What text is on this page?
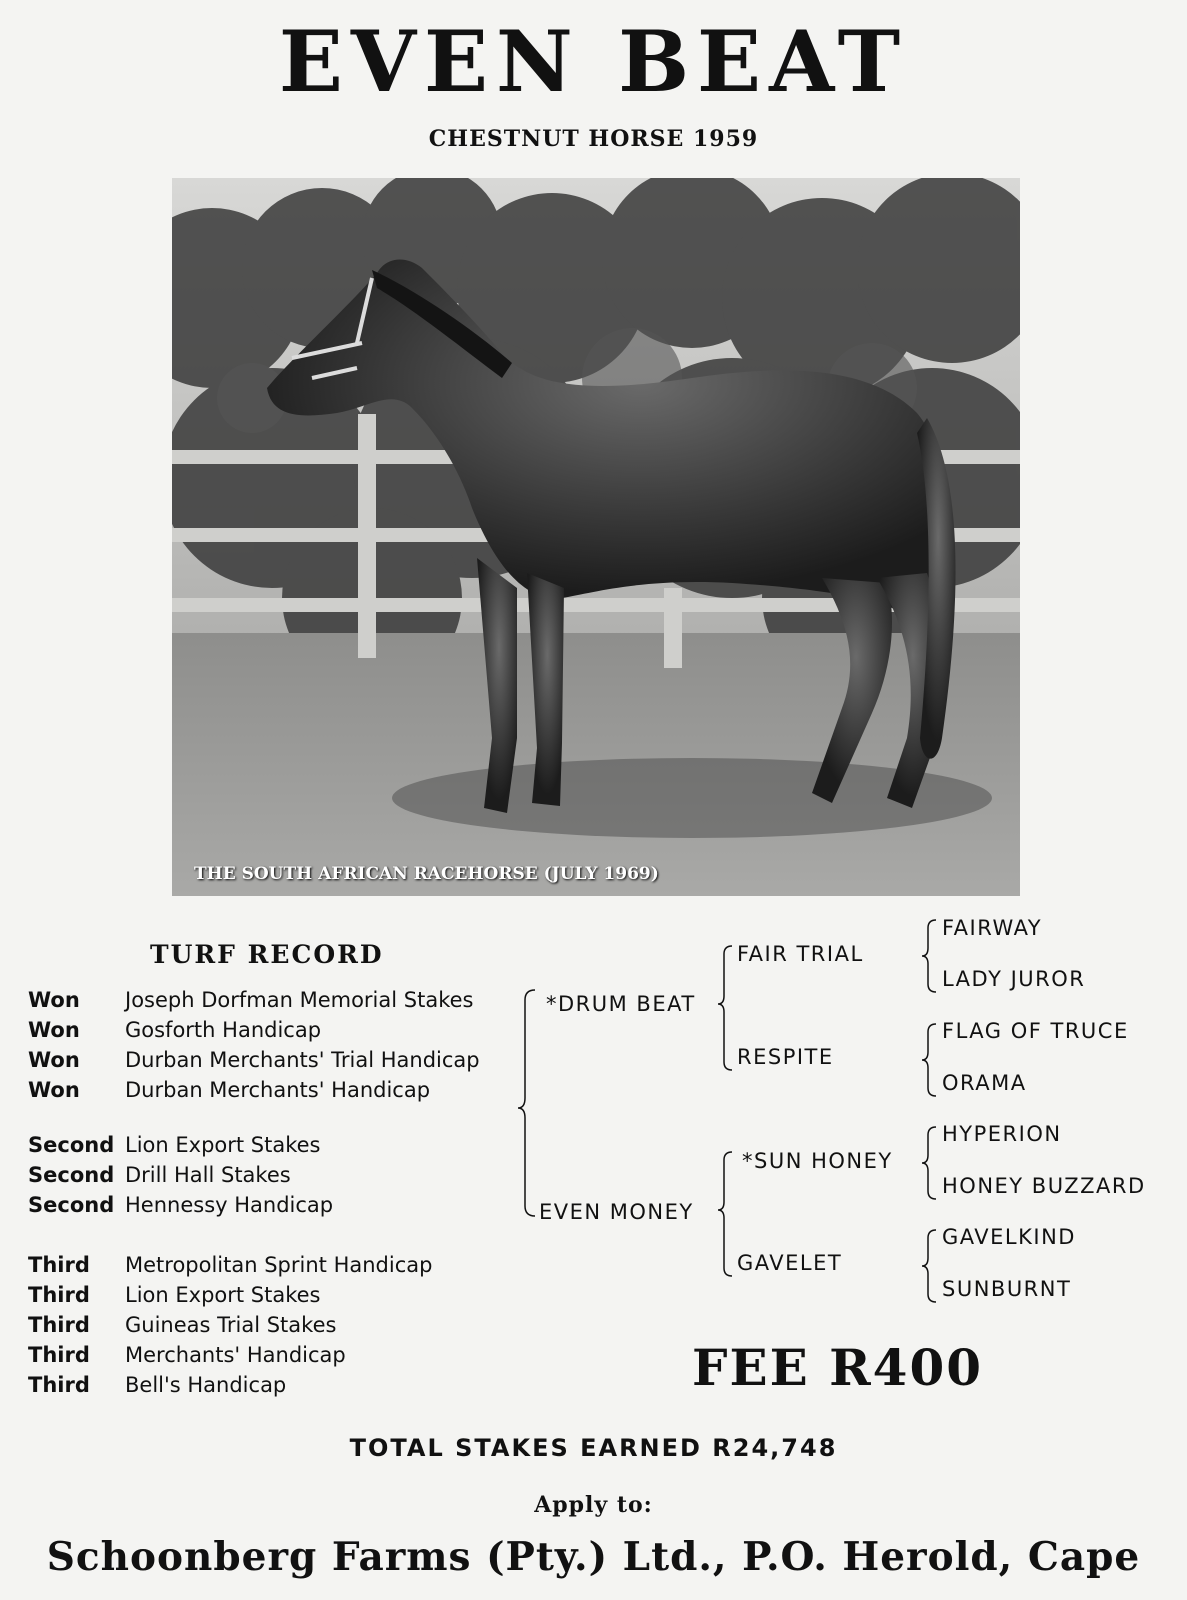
EVEN BEAT
CHESTNUT HORSE 1959
THE SOUTH AFRICAN RACEHORSE (JULY 1969)
TURF RECORD
Won	Joseph Dorfman Memorial Stakes
Won	Gosforth Handicap
Won	Durban Merchants' Trial Handicap
Won	Durban Merchants' Handicap
Second Lion Export Stakes
Second Drill Hall Stakes
Second Hennessy Handicap
Third	Metropolitan Sprint Handicap
Third	Lion Export Stakes
Third	Guineas Trial Stakes
Third	Merchants' Handicap
Third	Bell's Handicap
*DRUM BEAT
EVEN MONEY
FAIR TRIAL
RESPITE
*SUN HONEY
GAVELET
FAIRWAY
LADY JUROR
FLAG OF TRUCE
ORAMA
HYPERION
HONEY BUZZARD
GAVELKIND
SUNBURNT
FEE R400
TOTAL STAKES EARNED R24,748
Apply to:
Schoonberg Farms (Pty.) Ltd., P.O. Herold, Cape
